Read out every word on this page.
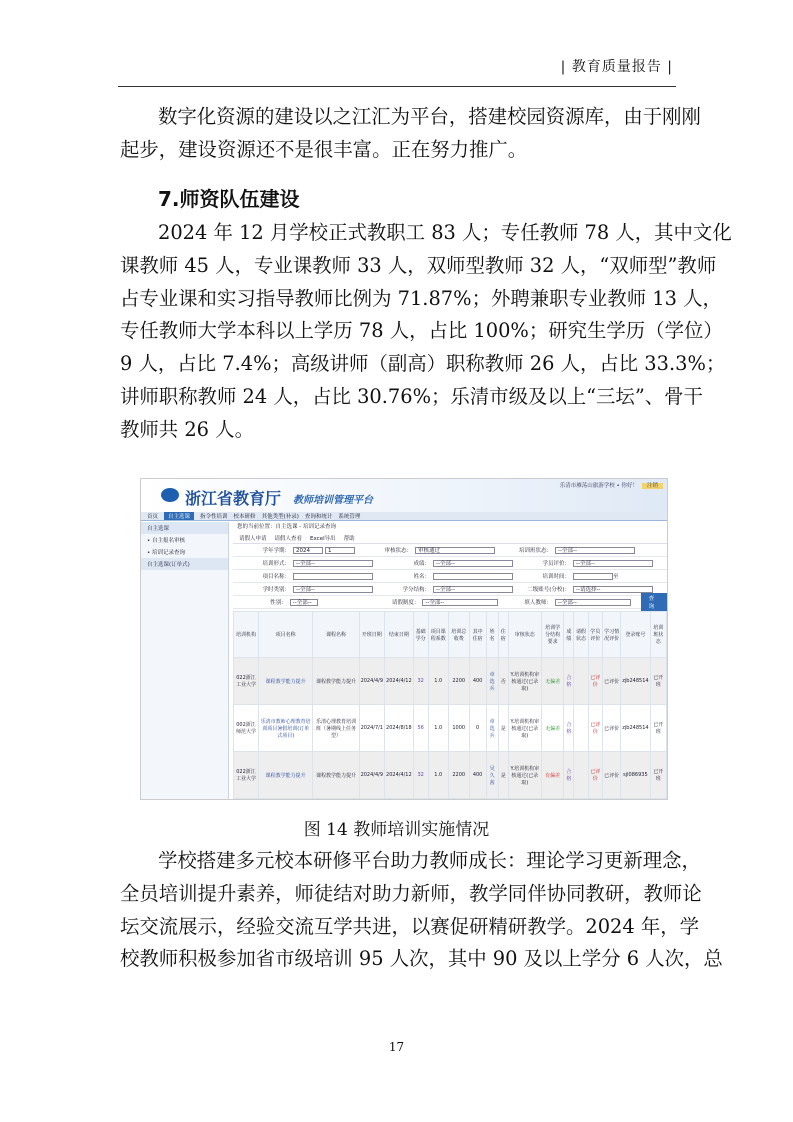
| 教育质量报告 |
数字化资源的建设以之江汇为平台，搭建校园资源库，由于刚刚
起步，建设资源还不是很丰富。正在努力推广。
7.师资队伍建设
2024 年 12 月学校正式教职工 83 人；专任教师 78 人，其中文化
课教师 45 人，专业课教师 33 人，双师型教师 32 人，“双师型”教师
占专业课和实习指导教师比例为 71.87%；外聘兼职专业教师 13 人，
专任教师大学本科以上学历 78 人，占比 100%；研究生学历（学位）
9 人，占比 7.4%；高级讲师（副高）职称教师 26 人，占比 33.3%；
讲师职称教师 24 人，占比 30.76%；乐清市级及以上“三坛”、骨干
教师共 26 人。
浙江省教育厅 教师培训管理平台
乐清市雁荡山旅游学校 • 你好！ 注销
首页	自主选课	指令性培训 校本研修 其他类型(补录) 查询和统计 系统管理
自主选课
• 自主报名审核
• 培训记录查询
自主选课(订单式)
您的当前位置：自主选课 - 培训记录查询
请假人申请 请假人查看 Excel导出 帮助
学年学期：	2024	1	审核状态：	审核通过	培训班状态：	--全部--
培训形式：	--全部--	成绩：	--全部--	学员评价：	--全部--
项目名称：	姓名：	培训时间：	至
学时类别：	--全部--	学分结构：	--全部--	二级账号(分校)：	--请选择--
性别：	--全部--	请假制度：	--全部--	填人教师：	--全部--
查询
培训机构	项目名称	课程名称	开班日期	结束日期	基础学分	项目课程系数	培训总收费	其中住宿	姓名	住宿	审核状态	培训学分结构要求	成绩	请假状态	学员评价	学习情况评价	登录账号	培训班状态
022浙江工业大学	课程教学能力提升	课程教学能力提升	2024/4/9	2024/4/12	32	1.0	2200	400	章选兵	否	Y.培训机构审核通过(已录取)	无偏差	合格		已评价	已评价	zjb248514	已开班
002浙江师范大学	乐清市教师心理教育培训项目暑假培训(订单式项目)	乐清心理教育培训班（暑期线上任务型）	2024/7/1	2024/8/18	56	1.0	1000	0	章选兵	是	Y.培训机构审核通过(已录取)	无偏差	合格		已评价	已评价	zjb248514	已开班
022浙江工业大学	课程教学能力提升	课程教学能力提升	2024/4/9	2024/4/12	32	1.0	2200	400	吴久茜	是	Y.培训机构审核通过(已录取)	有偏差	合格		已评价	已评价	sjl086935	已开班
图 14 教师培训实施情况
学校搭建多元校本研修平台助力教师成长：理论学习更新理念，
全员培训提升素养，师徒结对助力新师，教学同伴协同教研，教师论
坛交流展示，经验交流互学共进，以赛促研精研教学。2024 年，学
校教师积极参加省市级培训 95 人次，其中 90 及以上学分 6 人次，总
17
